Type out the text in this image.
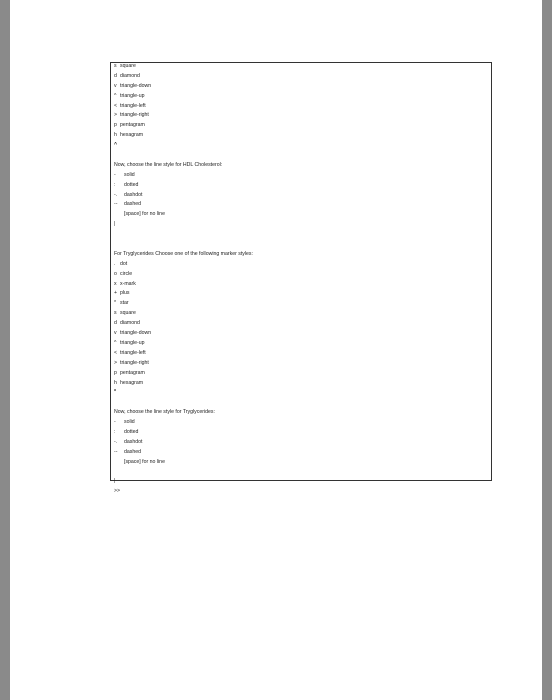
s square
d diamond
v triangle-down
^ triangle-up
< triangle-left
> triangle-right
p pentagram
h hexagram
^
Now, choose the line style for HDL Cholesterol:
- solid
: dotted
-. dashdot
-- dashed
[space] for no line
|
For Tryglycerides Choose one of the following marker styles:
. dot
o circle
x x-mark
+ plus
* star
s square
d diamond
v triangle-down
^ triangle-up
< triangle-left
> triangle-right
p pentagram
h hexagram
*
Now, choose the line style for Tryglycerides:
- solid
: dotted
-. dashdot
-- dashed
[space] for no line
|
>>
